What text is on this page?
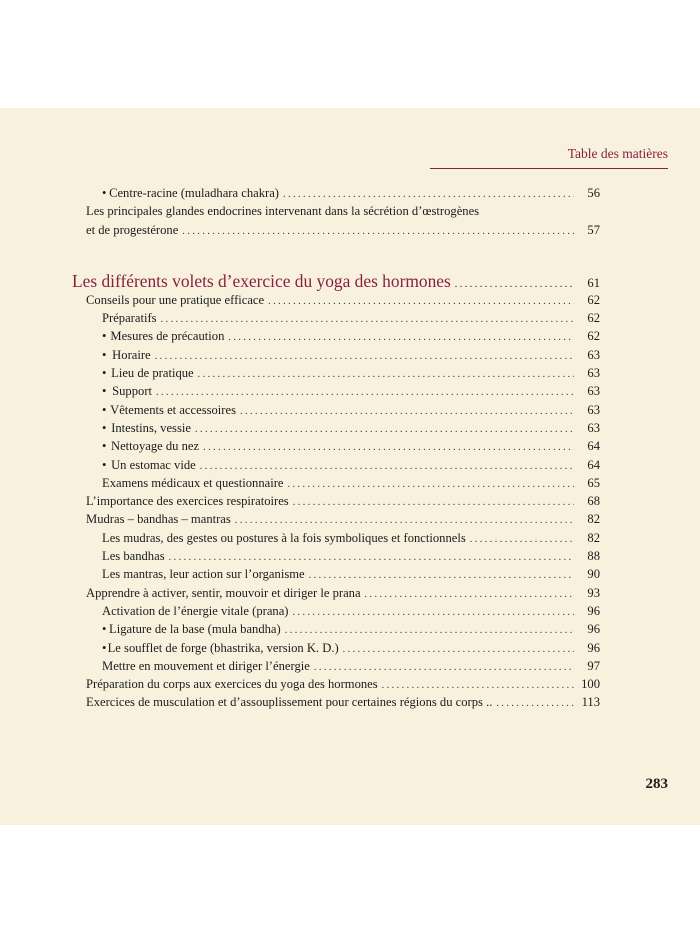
Table des matières
• Centre-racine (muladhara chakra) . . .	56
Les principales glandes endocrines intervenant dans la sécrétion d’œstrogènes
et de progestérone . . .	57
Les différents volets d’exercice du yoga des hormones . . .	61
Conseils pour une pratique efficace . . .	62
Préparatifs . . .	62
• Mesures de précaution . . .	62
• Horaire . . .	63
• Lieu de pratique . . .	63
• Support . . .	63
• Vêtements et accessoires . . .	63
• Intestins, vessie . . .	63
• Nettoyage du nez . . .	64
• Un estomac vide . . .	64
Examens médicaux et questionnaire . . .	65
L’importance des exercices respiratoires . . .	68
Mudras – bandhas – mantras . . .	82
Les mudras, des gestes ou postures à la fois symboliques et fonctionnels . . .	82
Les bandhas . . .	88
Les mantras, leur action sur l’organisme . . .	90
Apprendre à activer, sentir, mouvoir et diriger le prana . . .	93
Activation de l’énergie vitale (prana) . . .	96
• Ligature de la base (mula bandha) . . .	96
• Le soufflet de forge (bhastrika, version K. D.) . . .	96
Mettre en mouvement et diriger l’énergie . . .	97
Préparation du corps aux exercices du yoga des hormones . . .	100
Exercices de musculation et d’assouplissement pour certaines régions du corps .. . . .	113
283
